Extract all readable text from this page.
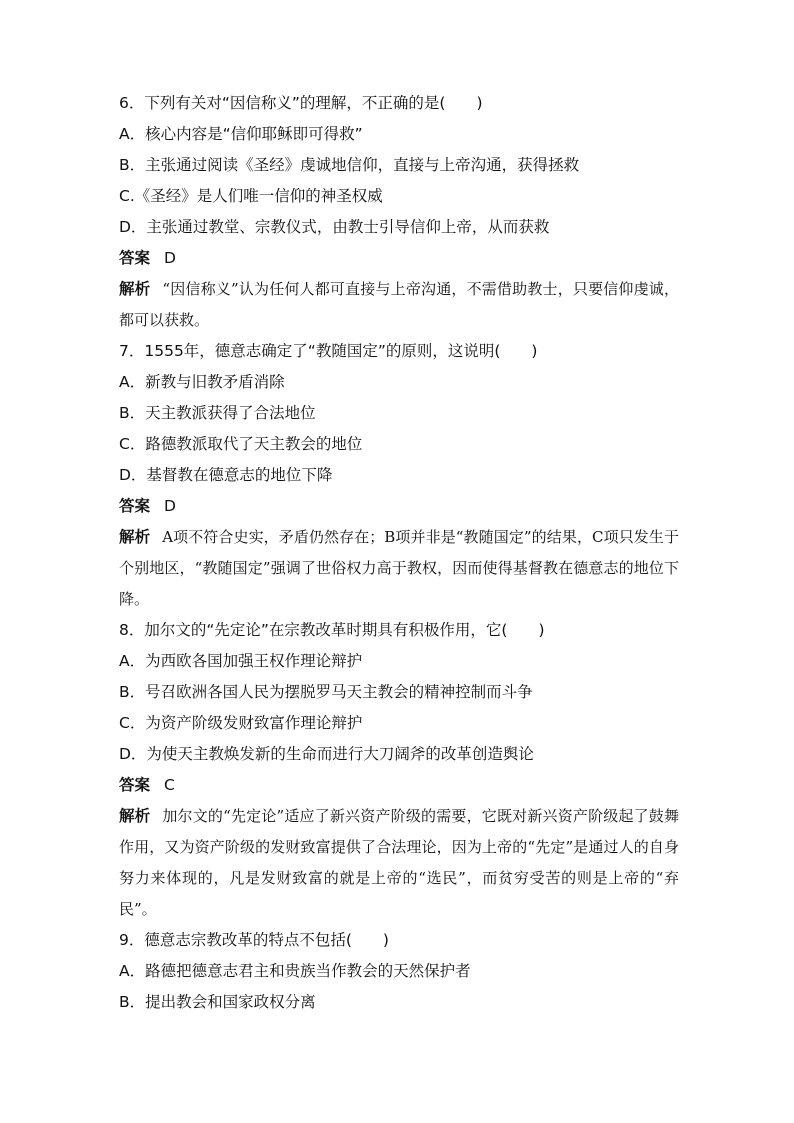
6．下列有关对“因信称义”的理解，不正确的是(　　)
A．核心内容是“信仰耶稣即可得救”
B．主张通过阅读《圣经》虔诚地信仰，直接与上帝沟通，获得拯救
C.《圣经》是人们唯一信仰的神圣权威
D．主张通过教堂、宗教仪式，由教士引导信仰上帝，从而获救
答案 D
解析 “因信称义”认为任何人都可直接与上帝沟通，不需借助教士，只要信仰虔诚，都可以获救。
7．1555年，德意志确定了“教随国定”的原则，这说明(　　)
A．新教与旧教矛盾消除
B．天主教派获得了合法地位
C．路德教派取代了天主教会的地位
D．基督教在德意志的地位下降
答案 D
解析 A项不符合史实，矛盾仍然存在；B项并非是“教随国定”的结果，C项只发生于个别地区，“教随国定”强调了世俗权力高于教权，因而使得基督教在德意志的地位下降。
8．加尔文的“先定论”在宗教改革时期具有积极作用，它(　　)
A．为西欧各国加强王权作理论辩护
B．号召欧洲各国人民为摆脱罗马天主教会的精神控制而斗争
C．为资产阶级发财致富作理论辩护
D．为使天主教焕发新的生命而进行大刀阔斧的改革创造舆论
答案 C
解析 加尔文的“先定论”适应了新兴资产阶级的需要，它既对新兴资产阶级起了鼓舞作用，又为资产阶级的发财致富提供了合法理论，因为上帝的“先定”是通过人的自身努力来体现的，凡是发财致富的就是上帝的“选民”，而贫穷受苦的则是上帝的“弃民”。
9．德意志宗教改革的特点不包括(　　)
A．路德把德意志君主和贵族当作教会的天然保护者
B．提出教会和国家政权分离
